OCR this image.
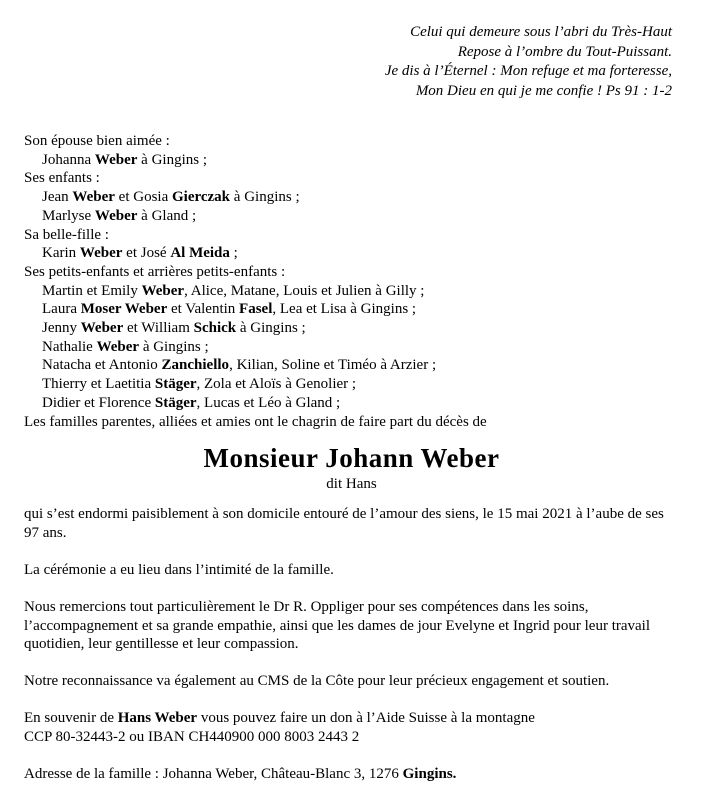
Celui qui demeure sous l’abri du Très-Haut
Repose à l’ombre du Tout-Puissant.
Je dis à l’Éternel : Mon refuge et ma forteresse,
Mon Dieu en qui je me confie ! Ps 91 : 1-2
Son épouse bien aimée :
Johanna Weber à Gingins ;
Ses enfants :
Jean Weber et Gosia Gierczak à Gingins ;
Marlyse Weber à Gland ;
Sa belle-fille :
Karin Weber et José Al Meida ;
Ses petits-enfants et arrières petits-enfants :
Martin et Emily Weber, Alice, Matane, Louis et Julien à Gilly ;
Laura Moser Weber et Valentin Fasel, Lea et Lisa à Gingins ;
Jenny Weber et William Schick à Gingins ;
Nathalie Weber à Gingins ;
Natacha et Antonio Zanchiello, Kilian, Soline et Timéo à Arzier ;
Thierry et Laetitia Stäger, Zola et Aloïs à Genolier ;
Didier et Florence Stäger, Lucas et Léo à Gland ;
Les familles parentes, alliées et amies ont le chagrin de faire part du décès de
Monsieur Johann Weber
dit Hans
qui s’est endormi paisiblement à son domicile entouré de l’amour des siens, le 15 mai 2021 à l’aube de ses 97 ans.
La cérémonie a eu lieu dans l’intimité de la famille.
Nous remercions tout particulièrement le Dr R. Oppliger pour ses compétences dans les soins, l’accompagnement et sa grande empathie, ainsi que les dames de jour Evelyne et Ingrid pour leur travail quotidien, leur gentillesse et leur compassion.
Notre reconnaissance va également au CMS de la Côte pour leur précieux engagement et soutien.
En souvenir de Hans Weber vous pouvez faire un don à l’Aide Suisse à la montagne
CCP 80-32443-2 ou IBAN CH440900 000 8003 2443 2
Adresse de la famille : Johanna Weber, Château-Blanc 3, 1276 Gingins.
